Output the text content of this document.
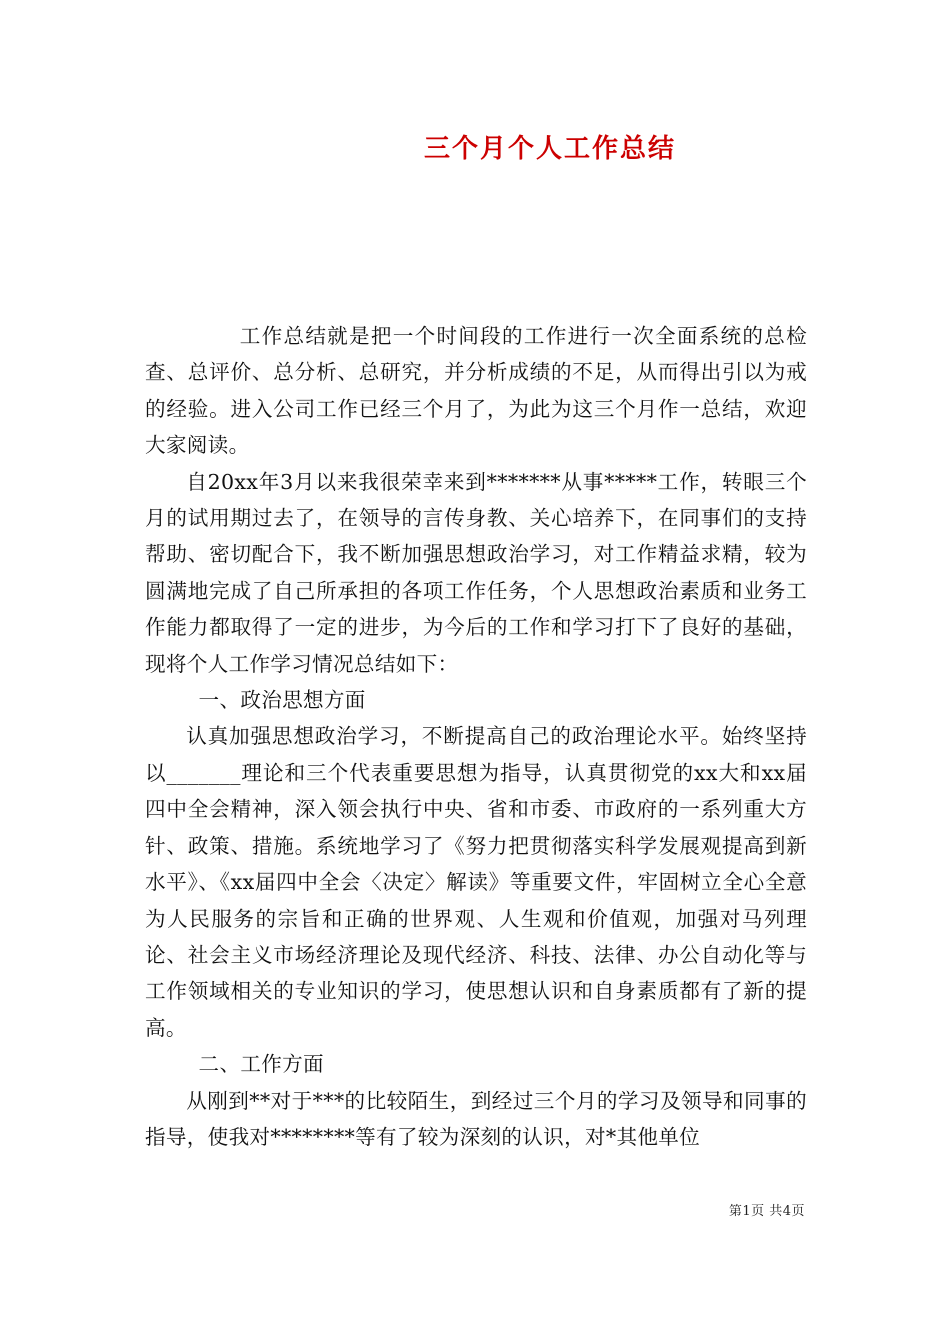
三个月个人工作总结

工作总结就是把一个时间段的工作进行一次全面系统的总检查、总评价、总分析、总研究，并分析成绩的不足，从而得出引以为戒的经验。进入公司工作已经三个月了，为此为这三个月作一总结，欢迎大家阅读。

自20xx年3月以来我很荣幸来到*******从事*****工作，转眼三个月的试用期过去了，在领导的言传身教、关心培养下，在同事们的支持帮助、密切配合下，我不断加强思想政治学习，对工作精益求精，较为圆满地完成了自己所承担的各项工作任务，个人思想政治素质和业务工作能力都取得了一定的进步，为今后的工作和学习打下了良好的基础，现将个人工作学习情况总结如下：

一、政治思想方面

认真加强思想政治学习，不断提高自己的政治理论水平。始终坚持以_______理论和三个代表重要思想为指导，认真贯彻党的xx大和xx届四中全会精神，深入领会执行中央、省和市委、市政府的一系列重大方针、政策、措施。系统地学习了《努力把贯彻落实科学发展观提高到新水平》、《xx届四中全会〈决定〉解读》等重要文件，牢固树立全心全意为人民服务的宗旨和正确的世界观、人生观和价值观，加强对马列理论、社会主义市场经济理论及现代经济、科技、法律、办公自动化等与工作领域相关的专业知识的学习，使思想认识和自身素质都有了新的提高。

二、工作方面

从刚到**对于***的比较陌生，到经过三个月的学习及领导和同事的指导，使我对********等有了较为深刻的认识，对*其他单位

第1页 共4页
